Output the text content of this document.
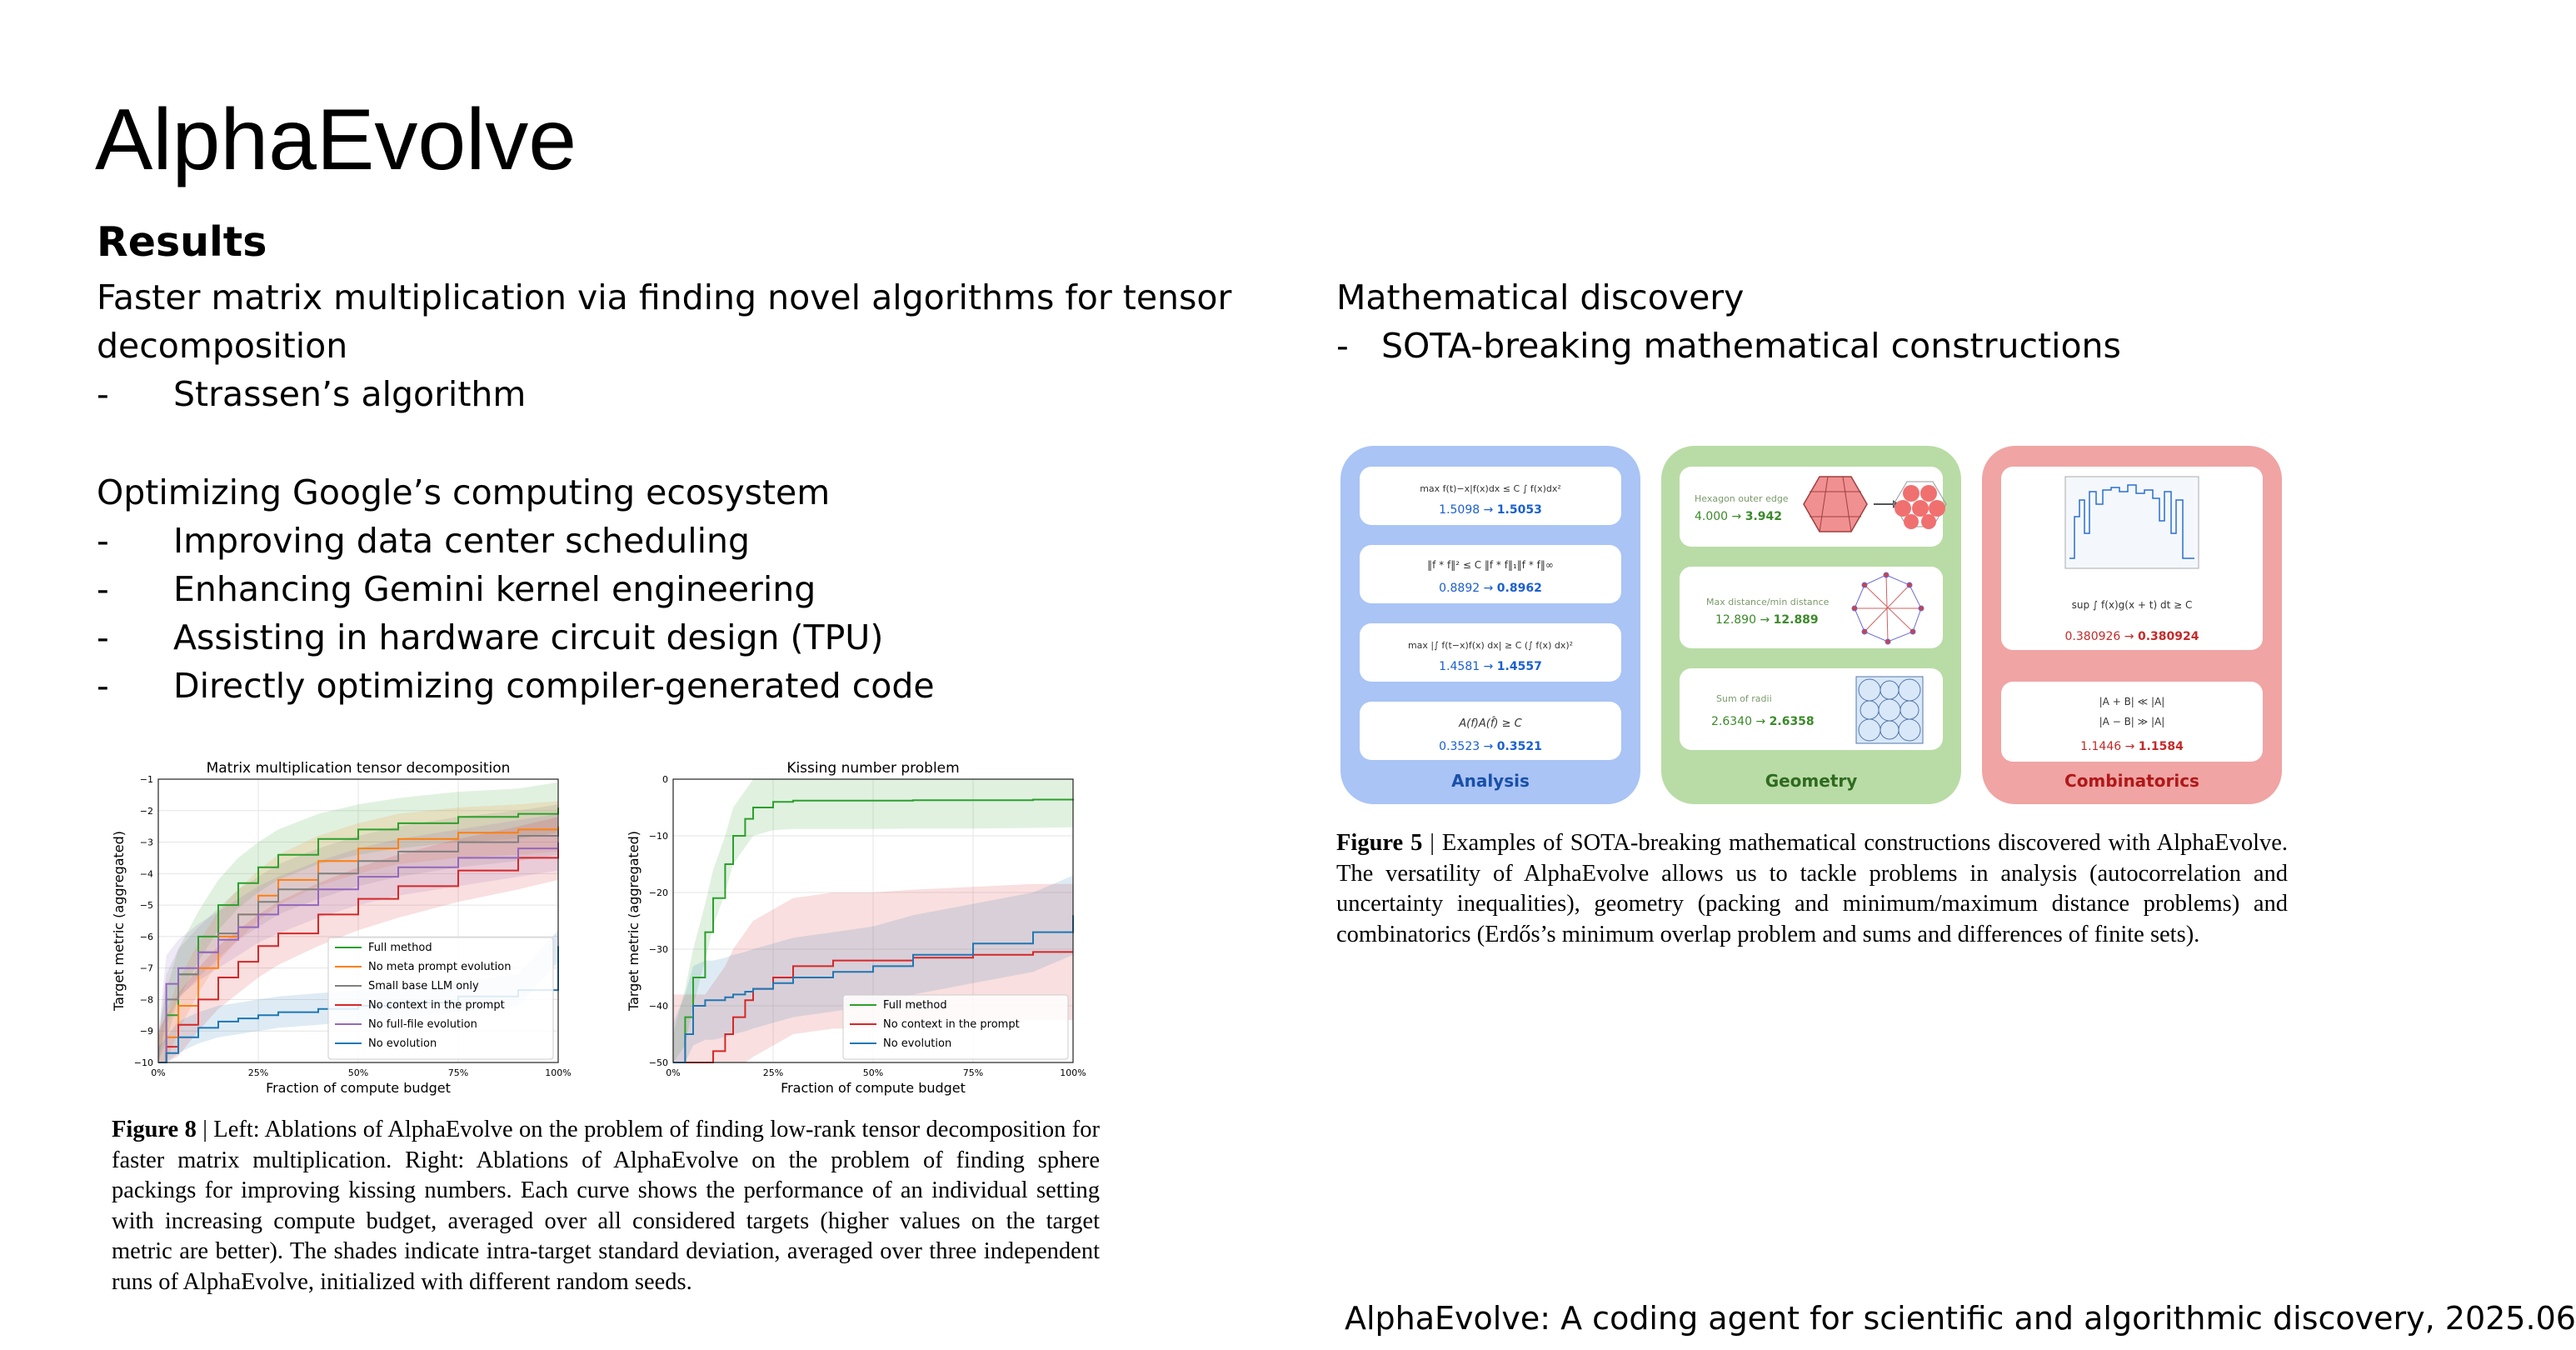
AlphaEvolve
Results
Faster matrix multiplication via finding novel algorithms for tensor
decomposition
-	Strassen’s algorithm
Optimizing Google’s computing ecosystem
-	Improving data center scheduling
-	Enhancing Gemini kernel engineering
-	Assisting in hardware circuit design (TPU)
-	Directly optimizing compiler-generated code
Mathematical discovery
- SOTA-breaking mathematical constructions
Matrix multiplication tensor decomposition
0%	25%	50%	75%	100%
−1
−2
−3
−4
−5
−6
−7
−8
−9
−10
Full method
No meta prompt evolution
Small base LLM only
No context in the prompt
No full-file evolution
No evolution
Fraction of compute budget
Target metric (aggregated)
Kissing number problem
0%	25%	50%	75%	100%
0
−10
−20
−30
−40
−50
Full method
No context in the prompt
No evolution
Fraction of compute budget
Target metric (aggregated)
Figure 8 | Left: Ablations of AlphaEvolve on the problem of finding low-rank tensor decomposition for faster matrix multiplication. Right: Ablations of AlphaEvolve on the problem of finding sphere packings for improving kissing numbers. Each curve shows the performance of an individual setting with increasing compute budget, averaged over all considered targets (higher values on the target metric are better). The shades indicate intra-target standard deviation, averaged over three independent runs of AlphaEvolve, initialized with different random seeds.
max f(t)−x|f(x)dx ≤ C ∫ f(x)dx²
1.5098 → 1.5053
‖f * f‖² ≤ C ‖f * f‖₁‖f * f‖∞
0.8892 → 0.8962
max |∫ f(t−x)f(x) dx| ≥ C (∫ f(x) dx)²
1.4581 → 1.4557
A(f)A(f̂) ≥ C
0.3523 → 0.3521
Analysis
Hexagon outer edge
4.000 → 3.942
Max distance/min distance
12.890 → 12.889
Sum of radii
2.6340 → 2.6358
Geometry
sup ∫ f(x)g(x + t) dt ≥ C
0.380926 → 0.380924
|A + B| ≪ |A|
|A − B| ≫ |A|
1.1446 → 1.1584
Combinatorics
Figure 5 | Examples of SOTA-breaking mathematical constructions discovered with AlphaEvolve. The versatility of AlphaEvolve allows us to tackle problems in analysis (autocorrelation and uncertainty inequalities), geometry (packing and minimum/maximum distance problems) and combinatorics (Erdős’s minimum overlap problem and sums and differences of finite sets).
AlphaEvolve: A coding agent for scientific and algorithmic discovery, 2025.06
